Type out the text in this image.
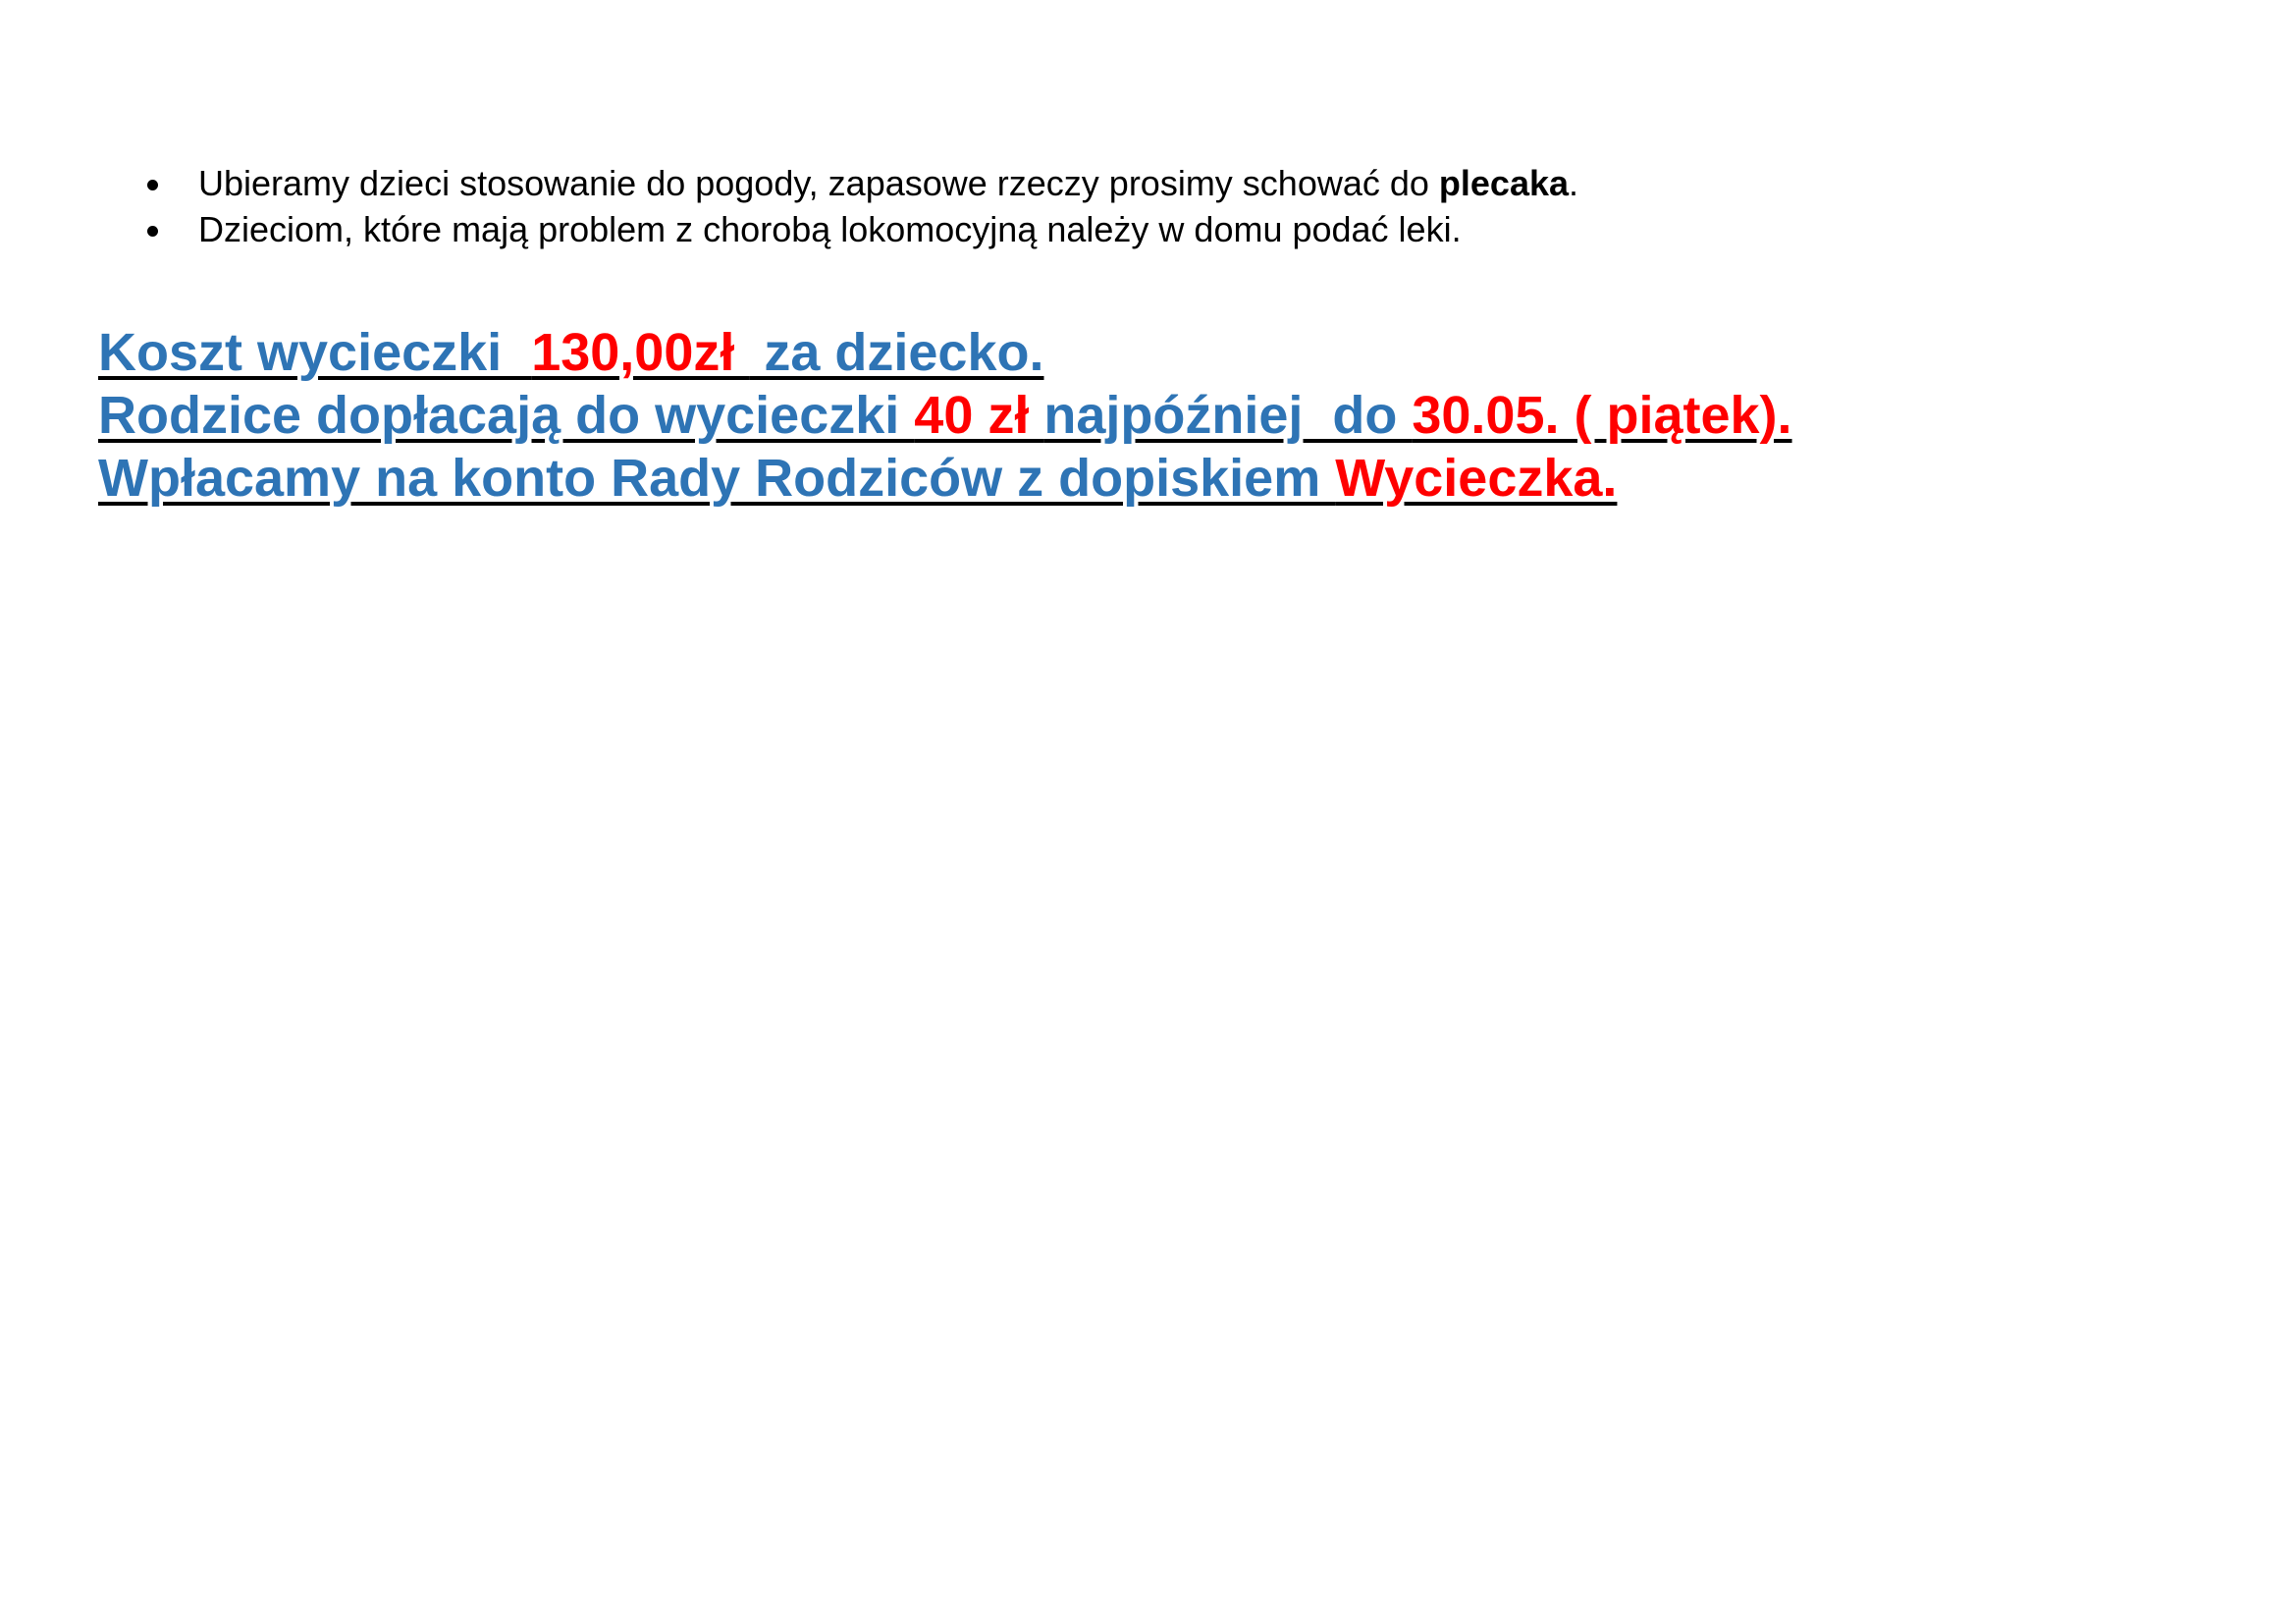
Ubieramy dzieci stosowanie do pogody, zapasowe rzeczy prosimy schować do plecaka.
Dzieciom, które mają problem z chorobą lokomocyjną należy w domu podać leki.
Koszt wycieczki  130,00zł  za dziecko.
Rodzice dopłacają do wycieczki 40 zł najpóźniej  do 30.05. ( piątek).
Wpłacamy na konto Rady Rodziców z dopiskiem Wycieczka.
